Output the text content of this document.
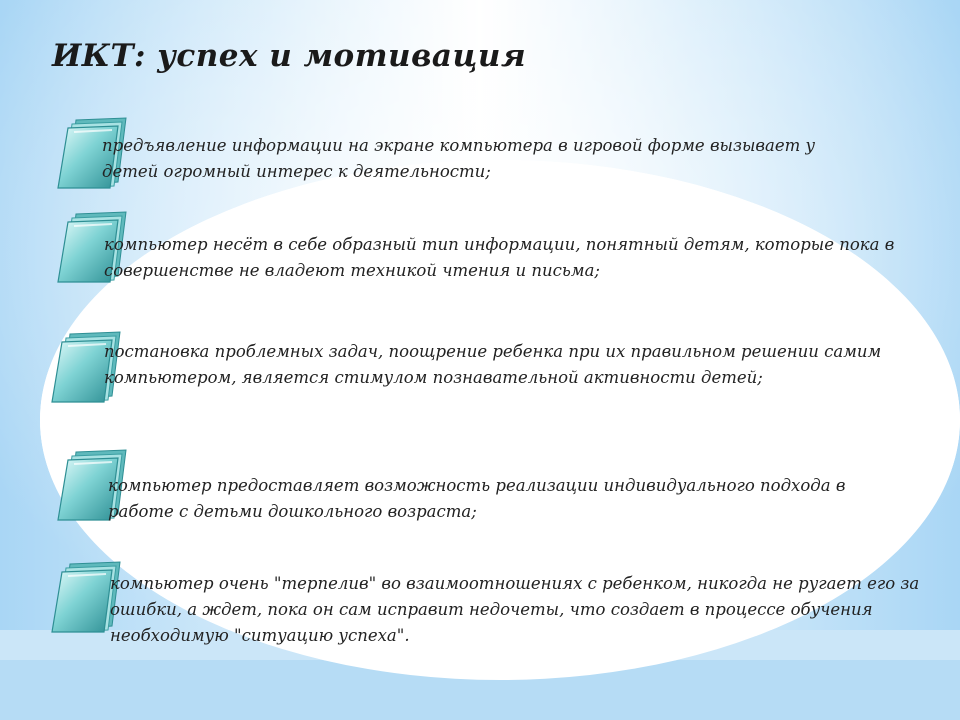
ИКТ: успех и мотивация

предъявление информации на экране компьютера в игровой форме вызывает у детей огромный интерес к деятельности;

компьютер несёт в себе образный тип информации, понятный детям, которые пока в совершенстве не владеют техникой чтения и письма;

постановка проблемных задач, поощрение ребенка при их правильном решении самим компьютером, является стимулом познавательной активности детей;

компьютер предоставляет возможность реализации индивидуального подхода в работе с детьми дошкольного возраста;

компьютер очень "терпелив" во взаимоотношениях с ребенком, никогда не ругает его за ошибки, а ждет, пока он сам исправит недочеты, что создает в процессе обучения необходимую "ситуацию успеха".
